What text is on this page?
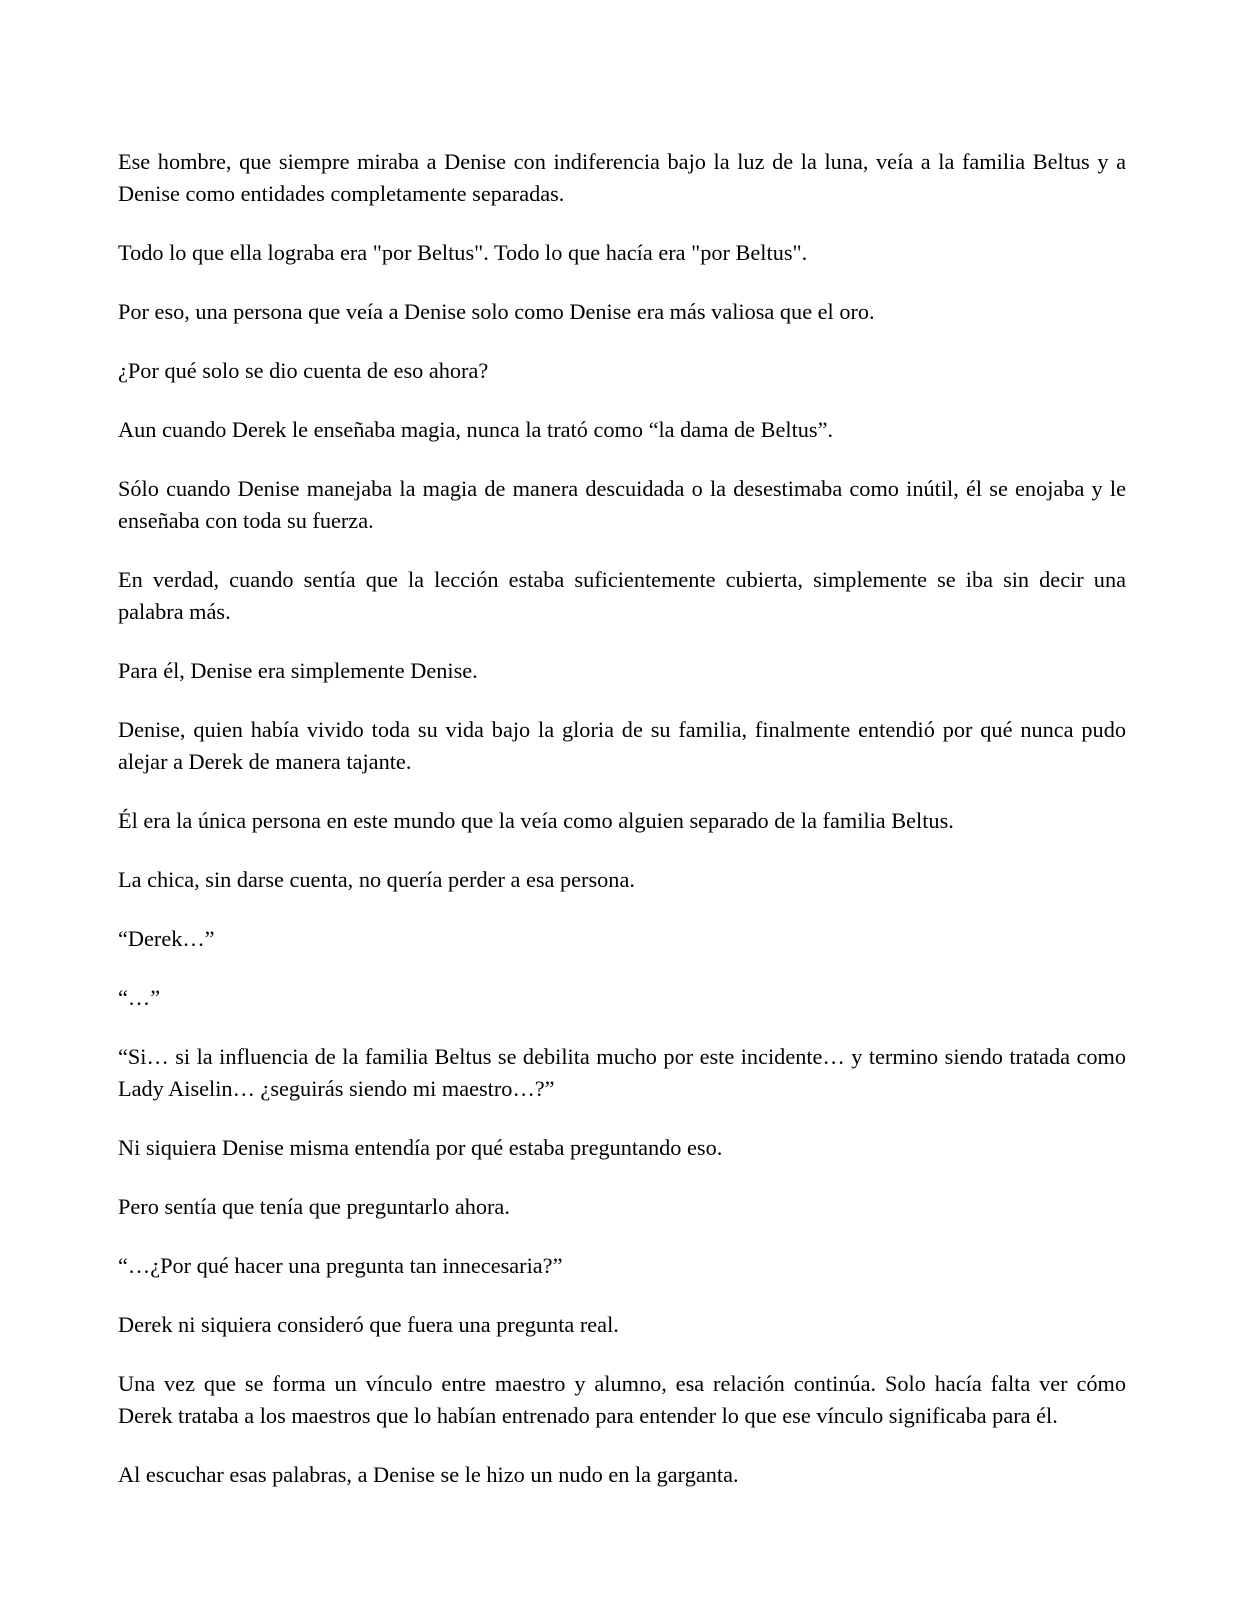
Ese hombre, que siempre miraba a Denise con indiferencia bajo la luz de la luna, veía a la familia Beltus y a Denise como entidades completamente separadas.

Todo lo que ella lograba era "por Beltus". Todo lo que hacía era "por Beltus".

Por eso, una persona que veía a Denise solo como Denise era más valiosa que el oro.

¿Por qué solo se dio cuenta de eso ahora?

Aun cuando Derek le enseñaba magia, nunca la trató como “la dama de Beltus”.

Sólo cuando Denise manejaba la magia de manera descuidada o la desestimaba como inútil, él se enojaba y le enseñaba con toda su fuerza.

En verdad, cuando sentía que la lección estaba suficientemente cubierta, simplemente se iba sin decir una palabra más.

Para él, Denise era simplemente Denise.

Denise, quien había vivido toda su vida bajo la gloria de su familia, finalmente entendió por qué nunca pudo alejar a Derek de manera tajante.

Él era la única persona en este mundo que la veía como alguien separado de la familia Beltus.

La chica, sin darse cuenta, no quería perder a esa persona.

“Derek…”

“…”

“Si… si la influencia de la familia Beltus se debilita mucho por este incidente… y termino siendo tratada como Lady Aiselin… ¿seguirás siendo mi maestro…?”

Ni siquiera Denise misma entendía por qué estaba preguntando eso.

Pero sentía que tenía que preguntarlo ahora.

“…¿Por qué hacer una pregunta tan innecesaria?”

Derek ni siquiera consideró que fuera una pregunta real.

Una vez que se forma un vínculo entre maestro y alumno, esa relación continúa. Solo hacía falta ver cómo Derek trataba a los maestros que lo habían entrenado para entender lo que ese vínculo significaba para él.

Al escuchar esas palabras, a Denise se le hizo un nudo en la garganta.
